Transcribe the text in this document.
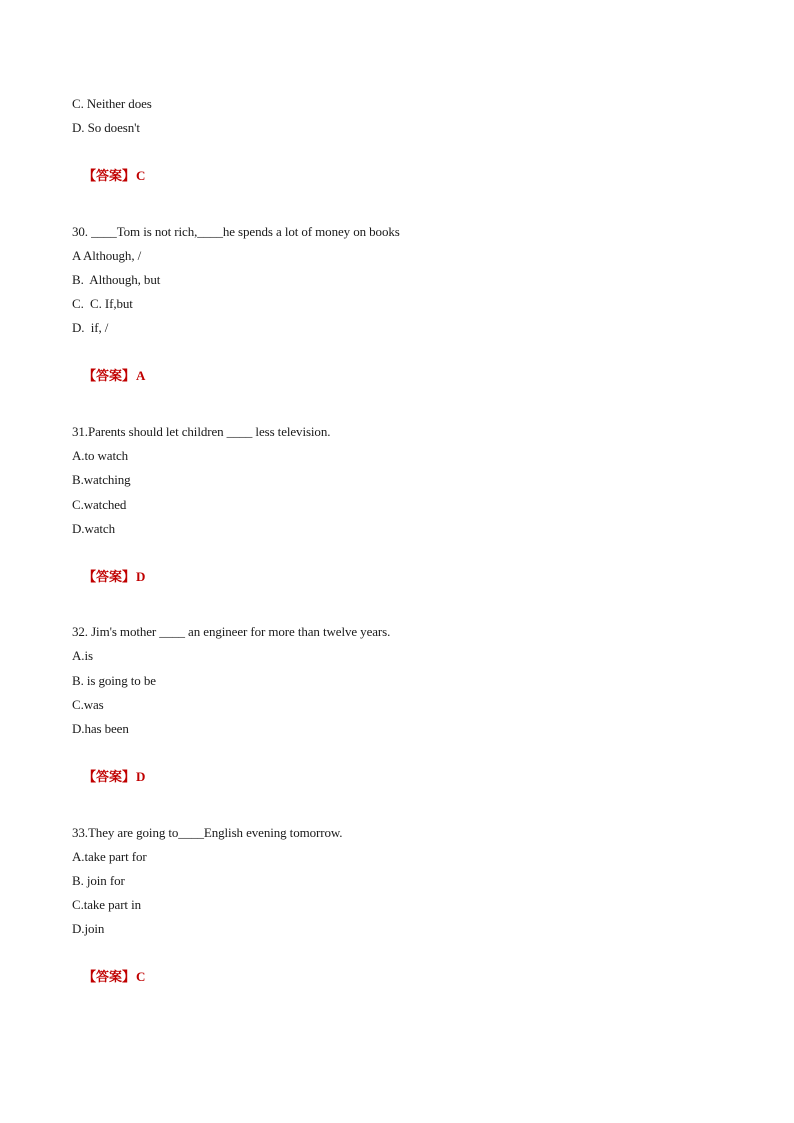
C. Neither does
D. So doesn't

【答案】C

30. ____Tom is not rich,____he spends a lot of money on books
A Although, /
B.  Although, but
C.  C. If,but
D.  if, /

【答案】A

31.Parents should let children ____ less television.
A.to watch
B.watching
C.watched
D.watch

【答案】D

32. Jim's mother ____ an engineer for more than twelve years.
A.is
B. is going to be
C.was
D.has been

【答案】D

33.They are going to____English evening tomorrow.
A.take part for
B. join for
C.take part in
D.join

【答案】C
